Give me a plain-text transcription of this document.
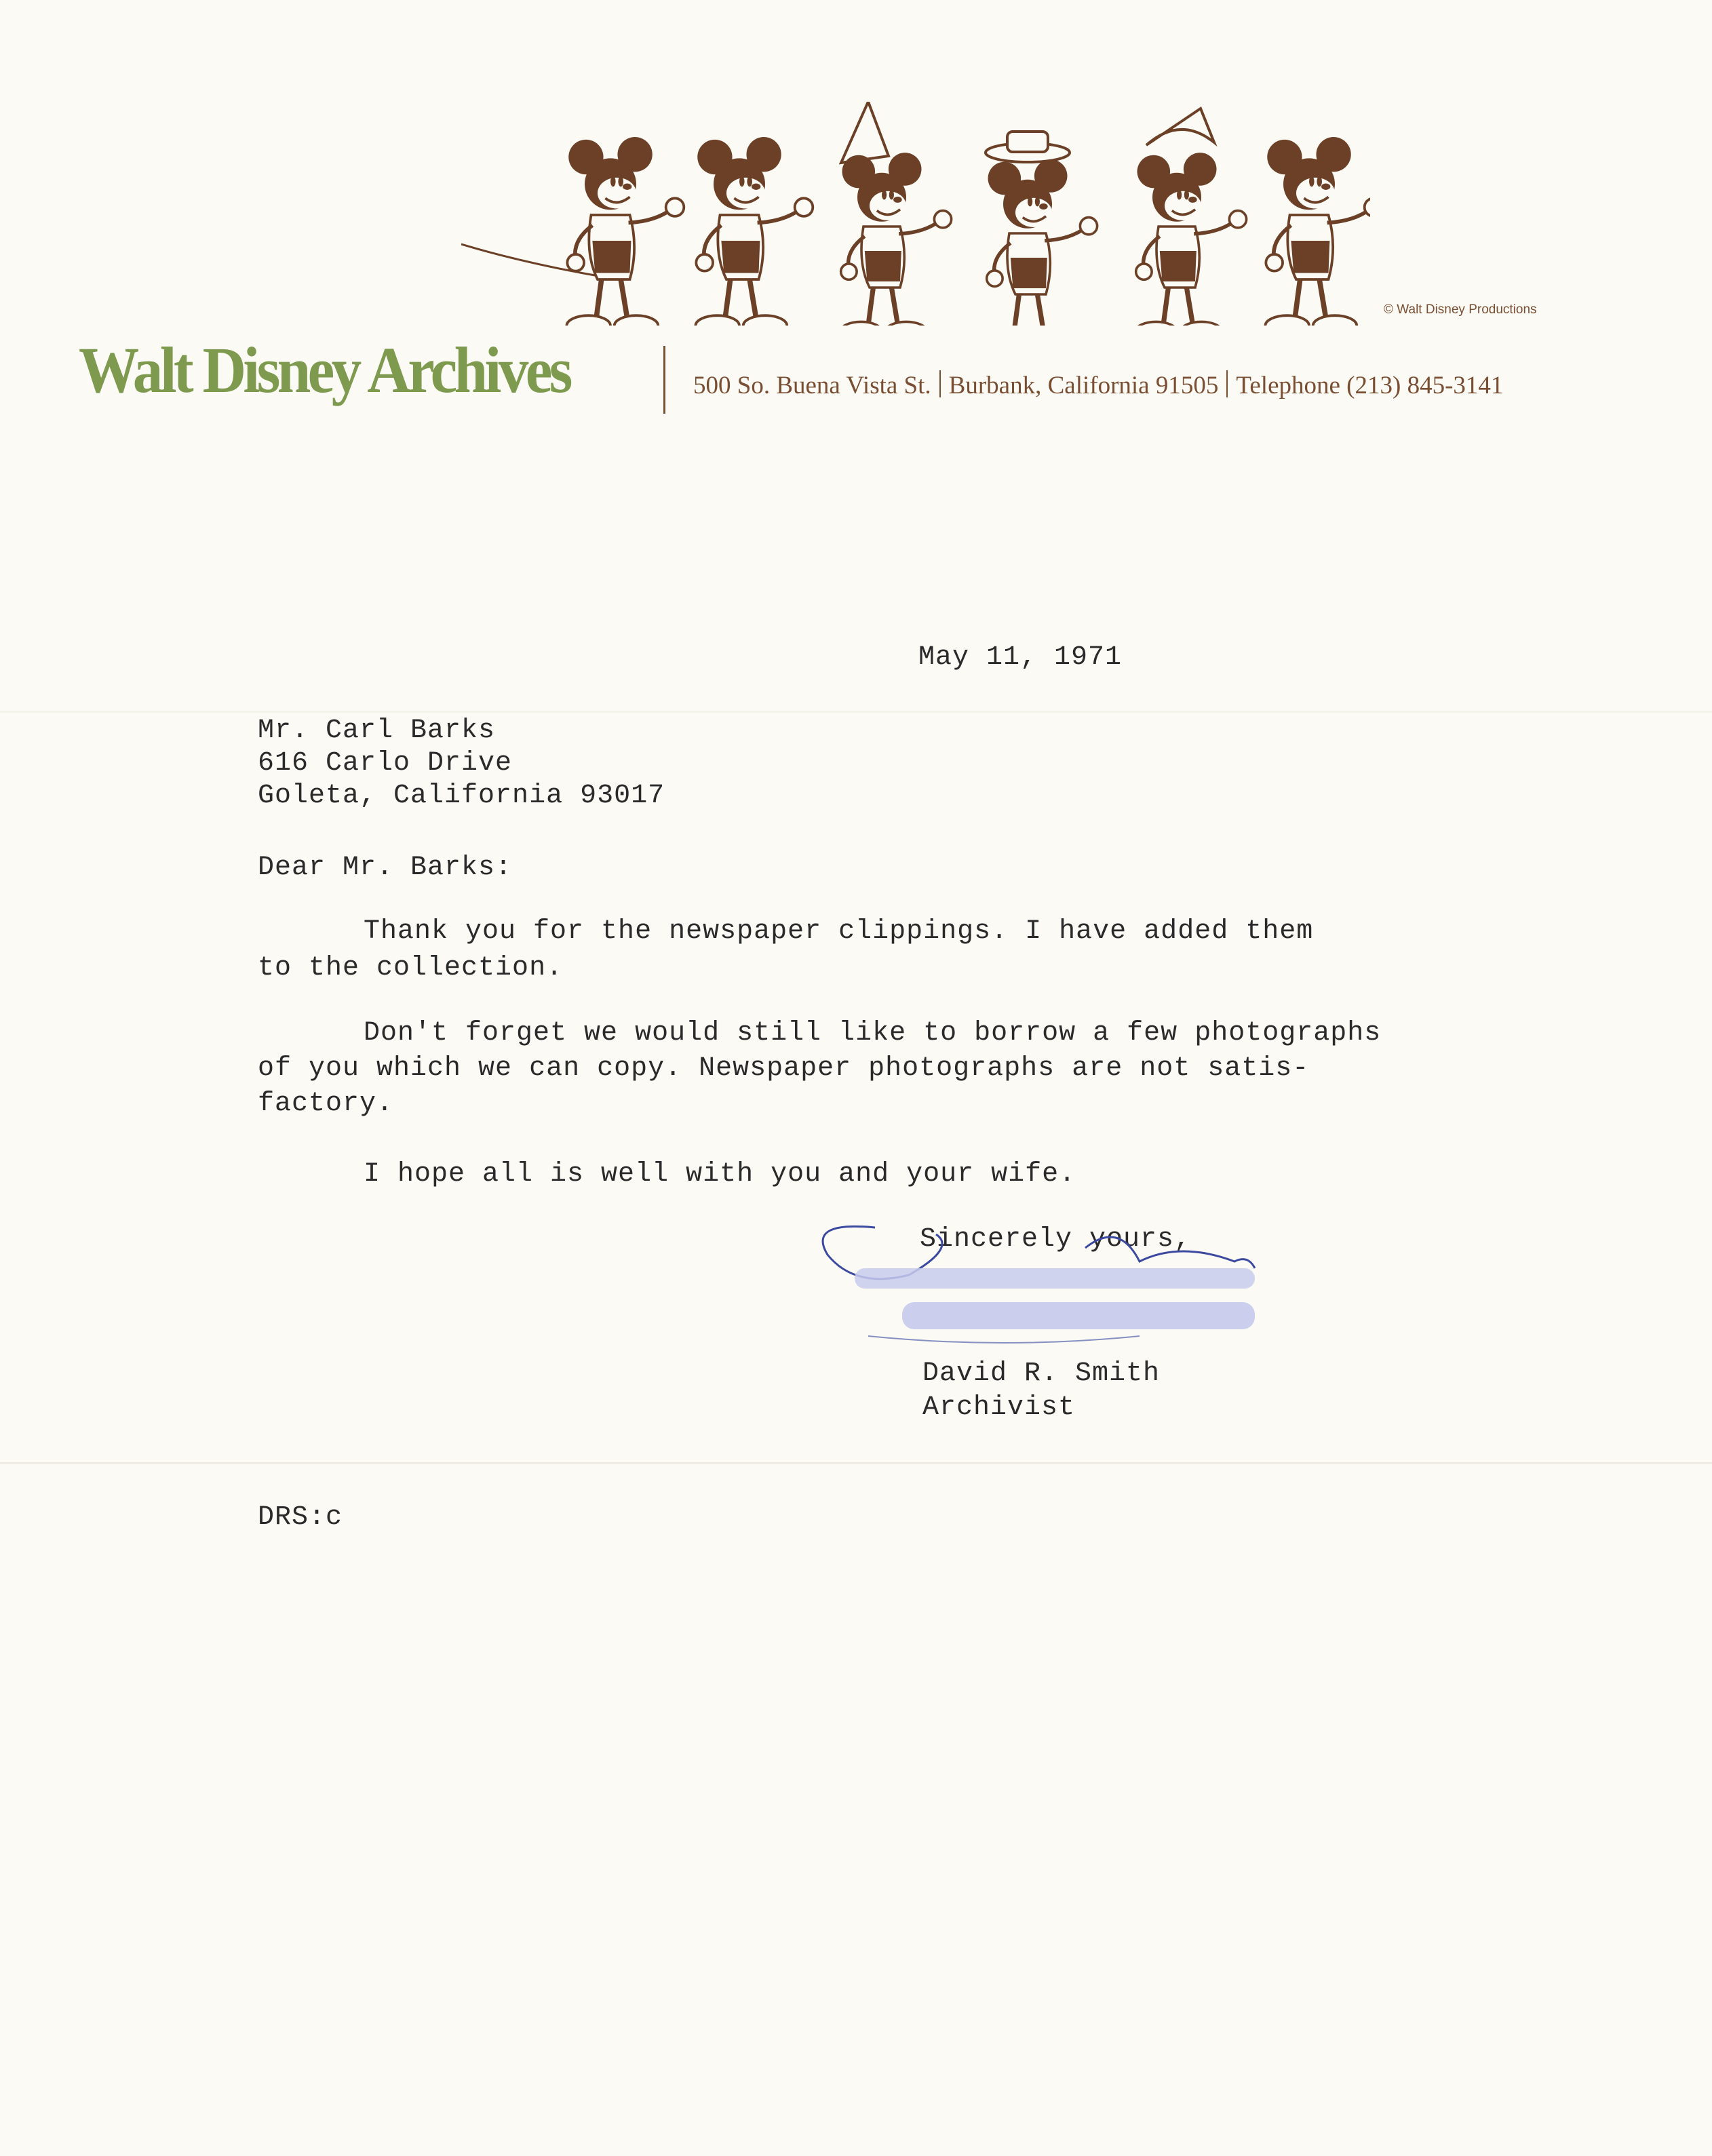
© Walt Disney Productions
Walt Disney Archives	500 So. Buena Vista St. Burbank, California 91505 Telephone (213) 845-3141
May 11, 1971
Mr. Carl Barks
616 Carlo Drive
Goleta, California 93017
Dear Mr. Barks:
Thank you for the newspaper clippings. I have added them
to the collection.
Don't forget we would still like to borrow a few photographs
of you which we can copy. Newspaper photographs are not satis-
factory.
I hope all is well with you and your wife.
Sincerely yours,
David R. Smith
Archivist
DRS:c
